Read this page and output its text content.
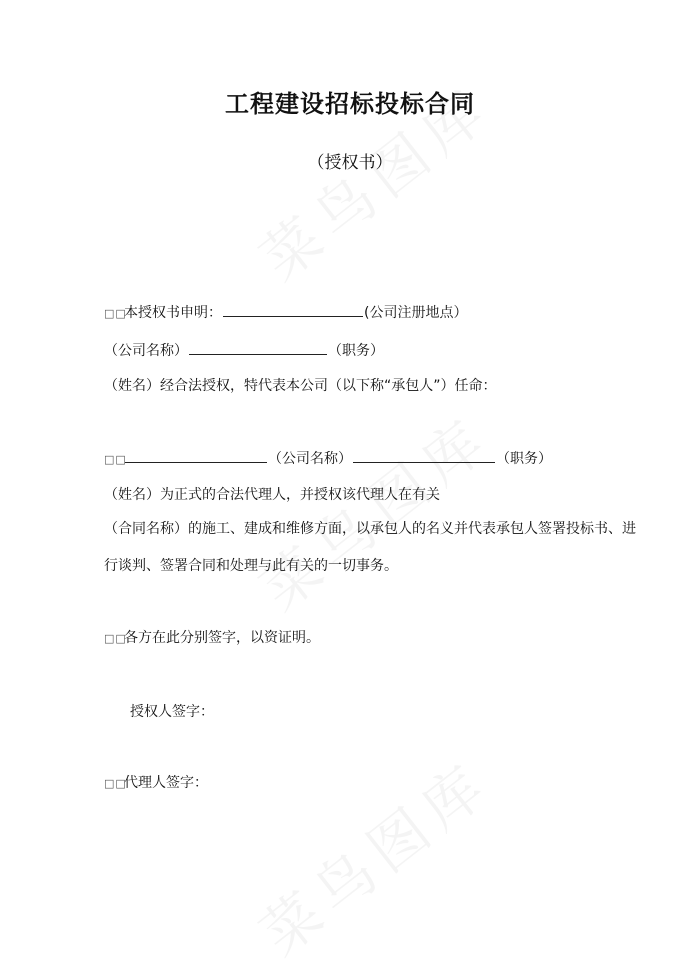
工程建设招标投标合同
（授权书）
□□本授权书申明：	(公司注册地点）
（公司名称）	（职务）
（姓名）经合法授权，特代表本公司（以下称“承包人”）任命：
□□	（公司名称）	（职务）
（姓名）为正式的合法代理人，并授权该代理人在有关
（合同名称）的施工、建成和维修方面，以承包人的名义并代表承包人签署投标书、进
行谈判、签署合同和处理与此有关的一切事务。
□□各方在此分别签字，以资证明。
授权人签字：
□□代理人签字：
